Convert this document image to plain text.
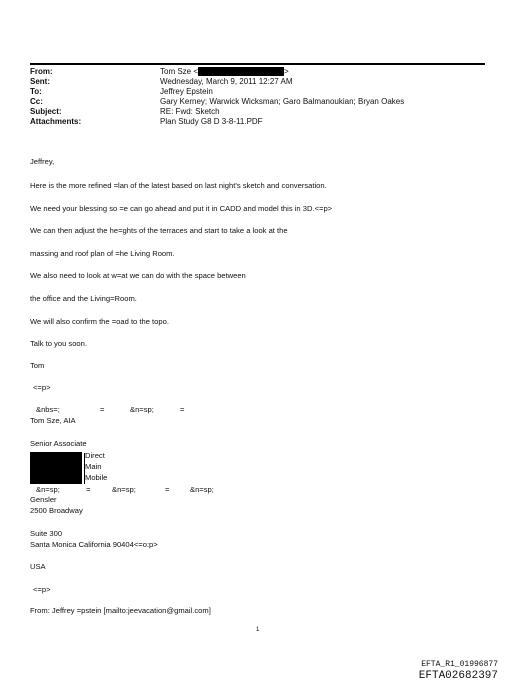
From:	Tom Sze <	>
Sent:	Wednesday, March 9, 2011 12:27 AM
To:	Jeffrey Epstein
Cc:	Gary Kerney; Warwick Wicksman; Garo Balmanoukian; Bryan Oakes
Subject:	RE: Fwd: Sketch
Attachments:	Plan Study G8 D 3-8-11.PDF
Jeffrey,
Here is the more refined =lan of the latest based on last night's sketch and conversation.
We need your blessing so =e can go ahead and put it in CADD and model this in 3D.<=p>
We can then adjust the he=ghts of the terraces and start to take a look at the
massing and roof plan of =he Living Room.
We also need to look at w=at we can do with the space between
the office and the Living=Room.
We will also confirm the =oad to the topo.
Talk to you soon.
Tom
<=p>
&nbs=;	=	&n=sp;	=
Tom Sze, AIA
Senior Associate
Direct
Main
Mobile
&n=sp;	=	&n=sp;	=	&n=sp;
Gensler
2500 Broadway
Suite 300
Santa Monica California 90404<=o:p>
USA
<=p>
From: Jeffrey =pstein [mailto:jeevacation@gmail.com]
1
EFTA_R1_01996877
EFTA02682397
